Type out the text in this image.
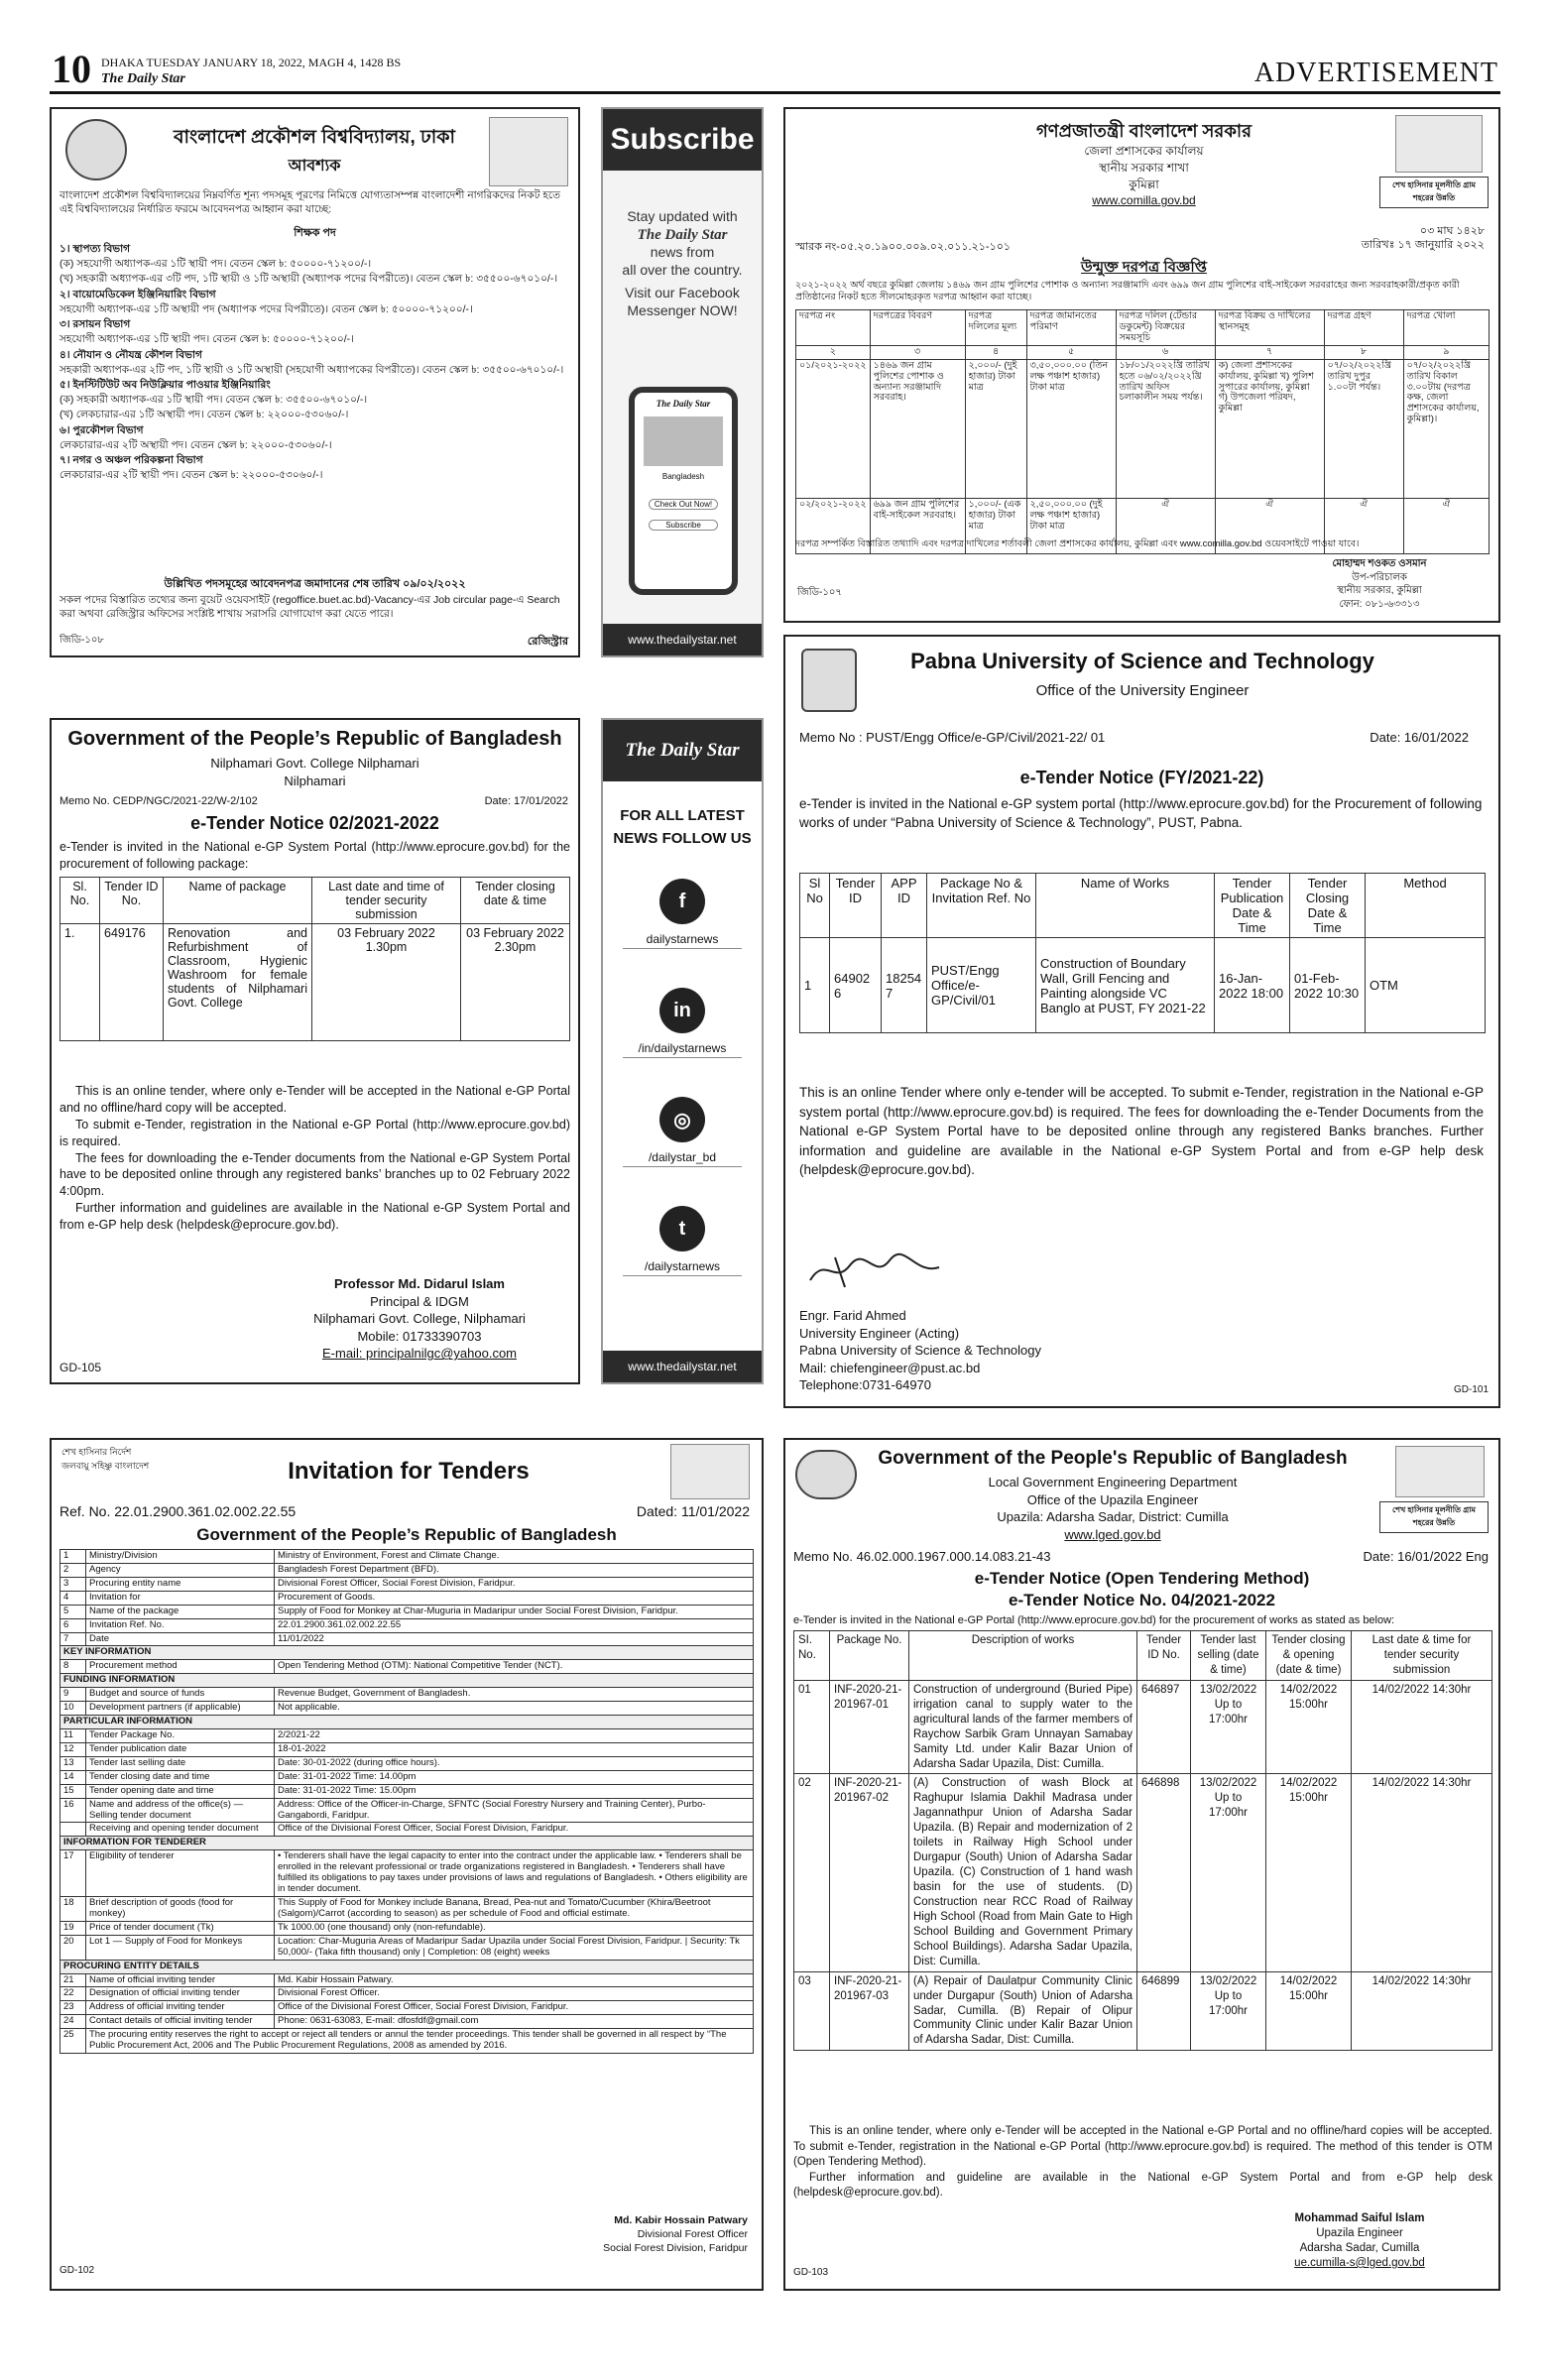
10 DHAKA TUESDAY JANUARY 18, 2022, MAGH 4, 1428 BS
The Daily Star	ADVERTISEMENT
বাংলাদেশ প্রকৌশল বিশ্ববিদ্যালয়, ঢাকা
আবশ্যক
বাংলাদেশ প্রকৌশল বিশ্ববিদ্যালয়ের নিম্নবর্ণিত শূন্য পদসমূহ পূরণের নিমিত্তে যোগ্যতাসম্পন্ন বাংলাদেশী নাগরিকদের নিকট হতে এই বিশ্ববিদ্যালয়ের নির্ধারিত ফরমে আবেদনপত্র আহ্বান করা যাচ্ছে:
শিক্ষক পদ
১। স্থাপত্য বিভাগ
(ক) সহযোগী অধ্যাপক-এর ১টি স্থায়ী পদ। বেতন স্কেল ৳: ৫০০০০-৭১২০০/-।
(খ) সহকারী অধ্যাপক-এর ৩টি পদ, ১টি স্থায়ী ও ১টি অস্থায়ী (অধ্যাপক পদের বিপরীতে)। বেতন স্কেল ৳: ৩৫৫০০-৬৭০১০/-।
২। বায়োমেডিকেল ইঞ্জিনিয়ারিং বিভাগ
সহযোগী অধ্যাপক-এর ১টি অস্থায়ী পদ (অধ্যাপক পদের বিপরীতে)। বেতন স্কেল ৳: ৫০০০০-৭১২০০/-।
৩। রসায়ন বিভাগ
সহযোগী অধ্যাপক-এর ১টি স্থায়ী পদ। বেতন স্কেল ৳: ৫০০০০-৭১২০০/-।
৪। নৌযান ও নৌযন্ত্র কৌশল বিভাগ
সহকারী অধ্যাপক-এর ২টি পদ, ১টি স্থায়ী ও ১টি অস্থায়ী (সহযোগী অধ্যাপকের বিপরীতে)। বেতন স্কেল ৳: ৩৫৫০০-৬৭০১০/-।
৫। ইনস্টিটিউট অব নিউক্লিয়ার পাওয়ার ইঞ্জিনিয়ারিং
(ক) সহকারী অধ্যাপক-এর ১টি স্থায়ী পদ। বেতন স্কেল ৳: ৩৫৫০০-৬৭০১০/-।
(খ) লেকচারার-এর ১টি অস্থায়ী পদ। বেতন স্কেল ৳: ২২০০০-৫৩০৬০/-।
৬। পুরকৌশল বিভাগ
লেকচারার-এর ২টি অস্থায়ী পদ। বেতন স্কেল ৳: ২২০০০-৫৩০৬০/-।
৭। নগর ও অঞ্চল পরিকল্পনা বিভাগ
লেকচারার-এর ২টি স্থায়ী পদ। বেতন স্কেল ৳: ২২০০০-৫৩০৬০/-।
উল্লিখিত পদসমূহের আবেদনপত্র জমাদানের শেষ তারিখ ০৯/০২/২০২২
সকল পদের বিস্তারিত তথ্যের জন্য বুয়েট ওয়েবসাইট (regoffice.buet.ac.bd)-Vacancy-এর Job circular page-এ Search করা অথবা রেজিস্ট্রার অফিসের সংশ্লিষ্ট শাখায় সরাসরি যোগাযোগ করা যেতে পারে।
জিডি-১০৮	রেজিস্ট্রার
Subscribe
Stay updated with
The Daily Star
news from
all over the country.
Visit our Facebook
Messenger NOW!
The Daily Star
Bangladesh
Check Out Now!
Subscribe
www.thedailystar.net
গণপ্রজাতন্ত্রী বাংলাদেশ সরকার
জেলা প্রশাসকের কার্যালয়
স্থানীয় সরকার শাখা
কুমিল্লা
www.comilla.gov.bd
শেখ হাসিনার মূলনীতি গ্রাম শহরের উন্নতি
স্মারক নং-০৫.২০.১৯০০.০০৯.০২.০১১.২১-১০১
০৩ মাঘ ১৪২৮
তারিখঃ ১৭ জানুয়ারি ২০২২
উন্মুক্ত দরপত্র বিজ্ঞপ্তি
২০২১-২০২২ অর্থ বছরে কুমিল্লা জেলায় ১৪৬৯ জন গ্রাম পুলিশের পোশাক ও অন্যান্য সরঞ্জামাদি এবং ৬৯৯ জন গ্রাম পুলিশের বাই-সাইকেল সরবরাহের জন্য সরবরাহকারী/প্রকৃত কারী প্রতিষ্ঠানের নিকট হতে সীলমোহরকৃত দরপত্র আহ্বান করা যাচ্ছে।
দরপত্র নং	দরপত্রের বিবরণ	দরপত্র দলিলের মূল্য	দরপত্র জামানতের পরিমাণ	দরপত্র দলিল (টেন্ডার ডকুমেন্ট) বিক্রয়ের সময়সূচি	দরপত্র বিক্রয় ও দাখিলের স্থানসমূহ	দরপত্র গ্রহণ	দরপত্র খোলা
২	৩	৪	৫	৬	৭	৮	৯
০১/২০২১-২০২২	১৪৬৯ জন গ্রাম পুলিশের পোশাক ও অন্যান্য সরঞ্জামাদি সরবরাহ।	২,০০০/- (দুই হাজার) টাকা মাত্র	৩,৫০,০০০.০০ (তিন লক্ষ পঞ্চাশ হাজার) টাকা মাত্র	১৮/০১/২০২২খ্রি তারিখ হতে ০৬/০২/২০২২খ্রি তারিখ অফিস চলাকালীন সময় পর্যন্ত।	ক) জেলা প্রশাসকের কার্যালয়, কুমিল্লা খ) পুলিশ সুপারের কার্যালয়, কুমিল্লা গ) উপজেলা পরিষদ, কুমিল্লা	০৭/০২/২০২২খ্রি তারিখ দুপুর ১.০০টা পর্যন্ত।	০৭/০২/২০২২খ্রি তারিখ বিকাল ৩.০০টায় (দরপত্র কক্ষ, জেলা প্রশাসকের কার্যালয়, কুমিল্লা)।
০২/২০২১-২০২২	৬৯৯ জন গ্রাম পুলিশের বাই-সাইকেল সরবরাহ।	১,০০০/- (এক হাজার) টাকা মাত্র	২,৫০,০০০.০০ (দুই লক্ষ পঞ্চাশ হাজার) টাকা মাত্র	ঐ	ঐ	ঐ	ঐ
দরপত্র সম্পর্কিত বিস্তারিত তথ্যাদি এবং দরপত্র দাখিলের শর্তাবলী জেলা প্রশাসকের কার্যালয়, কুমিল্লা এবং www.comilla.gov.bd ওয়েবসাইটে পাওয়া যাবে।
মোহাম্মদ শওকত ওসমান
উপ-পরিচালক
স্থানীয় সরকার, কুমিল্লা
ফোন: ০৮১-৬৩৩১৩
জিডি-১০৭
Government of the People’s Republic of Bangladesh
Nilphamari Govt. College Nilphamari
Nilphamari
Memo No. CEDP/NGC/2021-22/W-2/102	Date: 17/01/2022
e-Tender Notice 02/2021-2022
e-Tender is invited in the National e-GP System Portal (http://www.eprocure.gov.bd) for the procurement of following package:
Sl. No.	Tender ID No.	Name of package	Last date and time of tender security submission	Tender closing date & time
1.	649176	Renovation and Refurbishment of Classroom, Hygienic Washroom for female students of Nilphamari Govt. College	03 February 2022 1.30pm	03 February 2022 2.30pm
This is an online tender, where only e-Tender will be accepted in the National e-GP Portal and no offline/hard copy will be accepted.
To submit e-Tender, registration in the National e-GP Portal (http://www.eprocure.gov.bd) is required.
The fees for downloading the e-Tender documents from the National e-GP System Portal have to be deposited online through any registered banks’ branches up to 02 February 2022 4:00pm.
Further information and guidelines are available in the National e-GP System Portal and from e-GP help desk (helpdesk@eprocure.gov.bd).
Professor Md. Didarul Islam
Principal & IDGM
Nilphamari Govt. College, Nilphamari
Mobile: 01733390703
E-mail: principalnilgc@yahoo.com
GD-105
The Daily Star
FOR ALL LATEST NEWS FOLLOW US
f
dailystarnews
in
/in/dailystarnews
◎
/dailystar_bd
t
/dailystarnews
www.thedailystar.net
Pabna University of Science and Technology
Office of the University Engineer
Memo No : PUST/Engg Office/e-GP/Civil/2021-22/ 01	Date: 16/01/2022
e-Tender Notice (FY/2021-22)
e-Tender is invited in the National e-GP system portal (http://www.eprocure.gov.bd) for the Procurement of following works of under “Pabna University of Science & Technology”, PUST, Pabna.
Sl No	Tender ID	APP ID	Package No & Invitation Ref. No	Name of Works	Tender Publication Date & Time	Tender Closing Date & Time	Method
1	649026	182547	PUST/Engg Office/e-GP/Civil/01	Construction of Boundary Wall, Grill Fencing and Painting alongside VC Banglo at PUST, FY 2021-22	16-Jan-2022 18:00	01-Feb-2022 10:30	OTM
This is an online Tender where only e-tender will be accepted. To submit e-Tender, registration in the National e-GP system portal (http://www.eprocure.gov.bd) is required. The fees for downloading the e-Tender Documents from the National e-GP System Portal have to be deposited online through any registered Banks branches. Further information and guideline are available in the National e-GP System Portal and from e-GP help desk (helpdesk@eprocure.gov.bd).
Engr. Farid Ahmed
University Engineer (Acting)
Pabna University of Science & Technology
Mail: chiefengineer@pust.ac.bd
Telephone:0731-64970	GD-101
শেখ হাসিনার নির্দেশ
জলবায়ু সহিষ্ণু বাংলাদেশ	Invitation for Tenders
Ref. No. 22.01.2900.361.02.002.22.55	Dated: 11/01/2022
Government of the People’s Republic of Bangladesh
1	Ministry/Division	Ministry of Environment, Forest and Climate Change.
2	Agency	Bangladesh Forest Department (BFD).
3	Procuring entity name	Divisional Forest Officer, Social Forest Division, Faridpur.
4	Invitation for	Procurement of Goods.
5	Name of the package	Supply of Food for Monkey at Char-Muguria in Madaripur under Social Forest Division, Faridpur.
6	Invitation Ref. No.	22.01.2900.361.02.002.22.55
7	Date	11/01/2022
KEY INFORMATION		
8	Procurement method	Open Tendering Method (OTM): National Competitive Tender (NCT).
FUNDING INFORMATION		
9	Budget and source of funds	Revenue Budget, Government of Bangladesh.
10	Development partners (if applicable)	Not applicable.
PARTICULAR INFORMATION		
11	Tender Package No.	2/2021-22
12	Tender publication date	18-01-2022
13	Tender last selling date	Date: 30-01-2022 (during office hours).
14	Tender closing date and time	Date: 31-01-2022 Time: 14.00pm
15	Tender opening date and time	Date: 31-01-2022 Time: 15.00pm
16	Name and address of the office(s) — Selling tender document	Address: Office of the Officer-in-Charge, SFNTC (Social Forestry Nursery and Training Center), Purbo-Gangabordi, Faridpur.
	Receiving and opening tender document	Office of the Divisional Forest Officer, Social Forest Division, Faridpur.
INFORMATION FOR TENDERER		
17	Eligibility of tenderer	• Tenderers shall have the legal capacity to enter into the contract under the applicable law. • Tenderers shall be enrolled in the relevant professional or trade organizations registered in Bangladesh. • Tenderers shall have fulfilled its obligations to pay taxes under provisions of laws and regulations of Bangladesh. • Others eligibility are in tender document.
18	Brief description of goods (food for monkey)	This Supply of Food for Monkey include Banana, Bread, Pea-nut and Tomato/Cucumber (Khira/Beetroot (Salgom)/Carrot (according to season) as per schedule of Food and official estimate.
19	Price of tender document (Tk)	Tk 1000.00 (one thousand) only (non-refundable).
20	Lot 1 — Supply of Food for Monkeys	Location: Char-Muguria Areas of Madaripur Sadar Upazila under Social Forest Division, Faridpur. | Security: Tk 50,000/- (Taka fifth thousand) only | Completion: 08 (eight) weeks
PROCURING ENTITY DETAILS		
21	Name of official inviting tender	Md. Kabir Hossain Patwary.
22	Designation of official inviting tender	Divisional Forest Officer.
23	Address of official inviting tender	Office of the Divisional Forest Officer, Social Forest Division, Faridpur.
24	Contact details of official inviting tender	Phone: 0631-63083, E-mail: dfosfdf@gmail.com
25	The procuring entity reserves the right to accept or reject all tenders or annul the tender proceedings. This tender shall be governed in all respect by “The Public Procurement Act, 2006 and The Public Procurement Regulations, 2008 as amended by 2016.	
Md. Kabir Hossain Patwary
Divisional Forest Officer
Social Forest Division, Faridpur
GD-102
Government of the People's Republic of Bangladesh
Local Government Engineering Department
Office of the Upazila Engineer
Upazila: Adarsha Sadar, District: Cumilla
www.lged.gov.bd
শেখ হাসিনার মূলনীতি গ্রাম শহরের উন্নতি
Memo No. 46.02.000.1967.000.14.083.21-43	Date: 16/01/2022 Eng
e-Tender Notice (Open Tendering Method)
e-Tender Notice No. 04/2021-2022
e-Tender is invited in the National e-GP Portal (http://www.eprocure.gov.bd) for the procurement of works as stated as below:
SI. No.	Package No.	Description of works	Tender ID No.	Tender last selling (date & time)	Tender closing & opening (date & time)	Last date & time for tender security submission
01	INF-2020-21-201967-01	Construction of underground (Buried Pipe) irrigation canal to supply water to the agricultural lands of the farmer members of Raychow Sarbik Gram Unnayan Samabay Samity Ltd. under Kalir Bazar Union of Adarsha Sadar Upazila, Dist: Cumilla.	646897	13/02/2022 Up to 17:00hr	14/02/2022 15:00hr	14/02/2022 14:30hr
02	INF-2020-21-201967-02	(A) Construction of wash Block at Raghupur Islamia Dakhil Madrasa under Jagannathpur Union of Adarsha Sadar Upazila. (B) Repair and modernization of 2 toilets in Railway High School under Durgapur (South) Union of Adarsha Sadar Upazila. (C) Construction of 1 hand wash basin for the use of students. (D) Construction near RCC Road of Railway High School (Road from Main Gate to High School Building and Government Primary School Buildings). Adarsha Sadar Upazila, Dist: Cumilla.	646898	13/02/2022 Up to 17:00hr	14/02/2022 15:00hr	14/02/2022 14:30hr
03	INF-2020-21-201967-03	(A) Repair of Daulatpur Community Clinic under Durgapur (South) Union of Adarsha Sadar, Cumilla. (B) Repair of Olipur Community Clinic under Kalir Bazar Union of Adarsha Sadar, Dist: Cumilla.	646899	13/02/2022 Up to 17:00hr	14/02/2022 15:00hr	14/02/2022 14:30hr
This is an online tender, where only e-Tender will be accepted in the National e-GP Portal and no offline/hard copies will be accepted. To submit e-Tender, registration in the National e-GP Portal (http://www.eprocure.gov.bd) is required. The method of this tender is OTM (Open Tendering Method).
Further information and guideline are available in the National e-GP System Portal and from e-GP help desk (helpdesk@eprocure.gov.bd).
Mohammad Saiful Islam
Upazila Engineer
Adarsha Sadar, Cumilla
ue.cumilla-s@lged.gov.bd
GD-103
